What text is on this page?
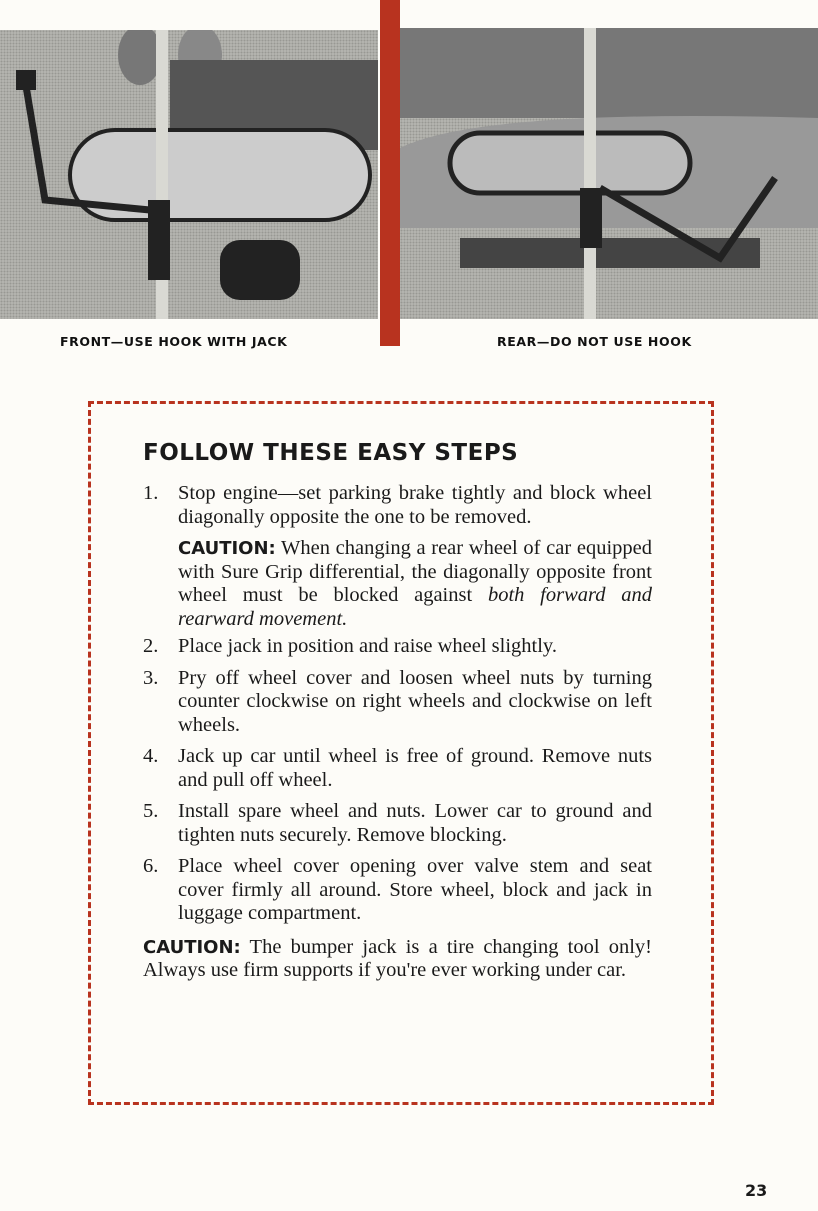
FRONT—USE HOOK WITH JACK	REAR—DO NOT USE HOOK
FOLLOW THESE EASY STEPS
1. Stop engine—set parking brake tightly and block wheel diagonally opposite the one to be removed.
CAUTION: When changing a rear wheel of car equipped with Sure Grip differential, the diagonally opposite front wheel must be blocked against both forward and rearward movement.
2. Place jack in position and raise wheel slightly.
3. Pry off wheel cover and loosen wheel nuts by turning counter clockwise on right wheels and clockwise on left wheels.
4. Jack up car until wheel is free of ground. Remove nuts and pull off wheel.
5. Install spare wheel and nuts. Lower car to ground and tighten nuts securely. Remove blocking.
6. Place wheel cover opening over valve stem and seat cover firmly all around. Store wheel, block and jack in luggage compartment.
CAUTION: The bumper jack is a tire changing tool only! Always use firm supports if you're ever working under car.
23
